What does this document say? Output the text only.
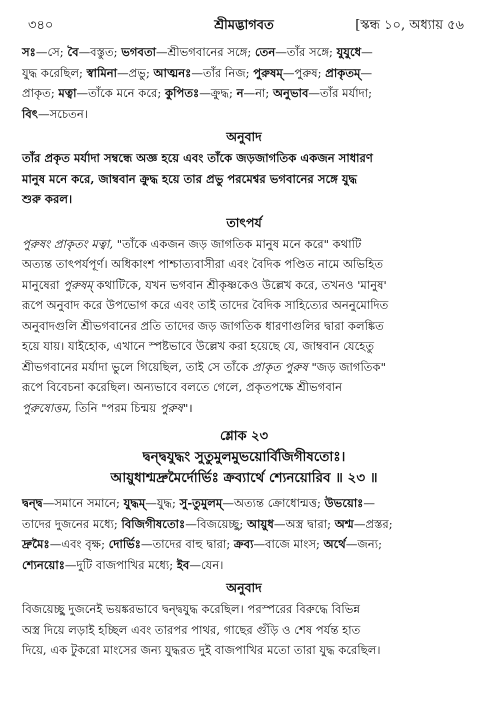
৩৪০	শ্রীমদ্ভাগবত	[স্কন্ধ ১০, অধ্যায় ৫৬
সঃ—সে; বৈ—বস্তুত; ভগবতা—শ্রীভগবানের সঙ্গে; তেন—তাঁর সঙ্গে; যুযুধে—
যুদ্ধ করেছিল; স্বামিনা—প্রভু; আত্মনঃ—তাঁর নিজ; পুরুষম্‌—পুরুষ; প্রাকৃতম্‌—
প্রাকৃত; মত্বা—তাঁকে মনে করে; কুপিতঃ—ক্রুদ্ধ; ন—না; অনুভাব—তাঁর মর্যাদা;
বিৎ—সচেতন।
অনুবাদ
তাঁর প্রকৃত মর্যাদা সম্বন্ধে অজ্ঞ হয়ে এবং তাঁকে জড়জাগতিক একজন সাধারণ
মানুষ মনে করে, জাম্ববান ক্রুদ্ধ হয়ে তার প্রভু পরমেশ্বর ভগবানের সঙ্গে যুদ্ধ
শুরু করল।
তাৎপর্য
পুরুষং প্রাকৃতং মত্বা, "তাঁকে একজন জড় জাগতিক মানুষ মনে করে" কথাটি
অত্যন্ত তাৎপর্যপূর্ণ। অধিকাংশ পাশ্চাত্যবাসীরা এবং বৈদিক পণ্ডিত নামে অভিহিত
মানুষেরা পুরুষম্ কথাটিকে, যখন ভগবান শ্রীকৃষ্ণকেও উল্লেখ করে, তখনও 'মানুষ'
রূপে অনুবাদ করে উপভোগ করে এবং তাই তাদের বৈদিক সাহিত্যের অননুমোদিত
অনুবাদগুলি শ্রীভগবানের প্রতি তাদের জড় জাগতিক ধারণাগুলির দ্বারা কলঙ্কিত
হয়ে যায়। যাইহোক, এখানে স্পষ্টভাবে উল্লেখ করা হয়েছে যে, জাম্ববান যেহেতু
শ্রীভগবানের মর্যাদা ভুলে গিয়েছিল, তাই সে তাঁকে প্রাকৃত পুরুষ "জড় জাগতিক"
রূপে বিবেচনা করেছিল। অন্যভাবে বলতে গেলে, প্রকৃতপক্ষে শ্রীভগবান
পুরুষোত্তম, তিনি "পরম চিন্ময় পুরুষ"।
শ্লোক ২৩
দ্বন্দ্বযুদ্ধং সুতুমুলমুভয়োর্বিজিগীষতোঃ।
আয়ুধাশ্মদ্রুমৈর্দোর্ভিঃ ক্রব্যার্থে শ্যেনয়োরিব ॥ ২৩ ॥
দ্বন্দ্ব—সমানে সমানে; যুদ্ধম্—যুদ্ধ; সু-তুমুলম্—অত্যন্ত ক্রোধোন্মত্ত; উভয়োঃ—
তাদের দুজনের মধ্যে; বিজিগীষতোঃ—বিজয়েচ্ছু; আয়ুধ—অস্ত্র দ্বারা; অশ্ম—প্রস্তর;
দ্রুমৈঃ—এবং বৃক্ষ; দোর্ভিঃ—তাদের বাহু দ্বারা; ক্রব্য—বাজে মাংস; অর্থে—জন্য;
শ্যেনয়োঃ—দুটি বাজপাখির মধ্যে; ইব—যেন।
অনুবাদ
বিজয়েচ্ছু দুজনেই ভয়ঙ্করভাবে দ্বন্দ্বযুদ্ধ করেছিল। পরস্পরের বিরুদ্ধে বিভিন্ন
অস্ত্র দিয়ে লড়াই হচ্ছিল এবং তারপর পাথর, গাছের গুঁড়ি ও শেষ পর্যন্ত হাত
দিয়ে, এক টুকরো মাংসের জন্য যুদ্ধরত দুই বাজপাখির মতো তারা যুদ্ধ করেছিল।
